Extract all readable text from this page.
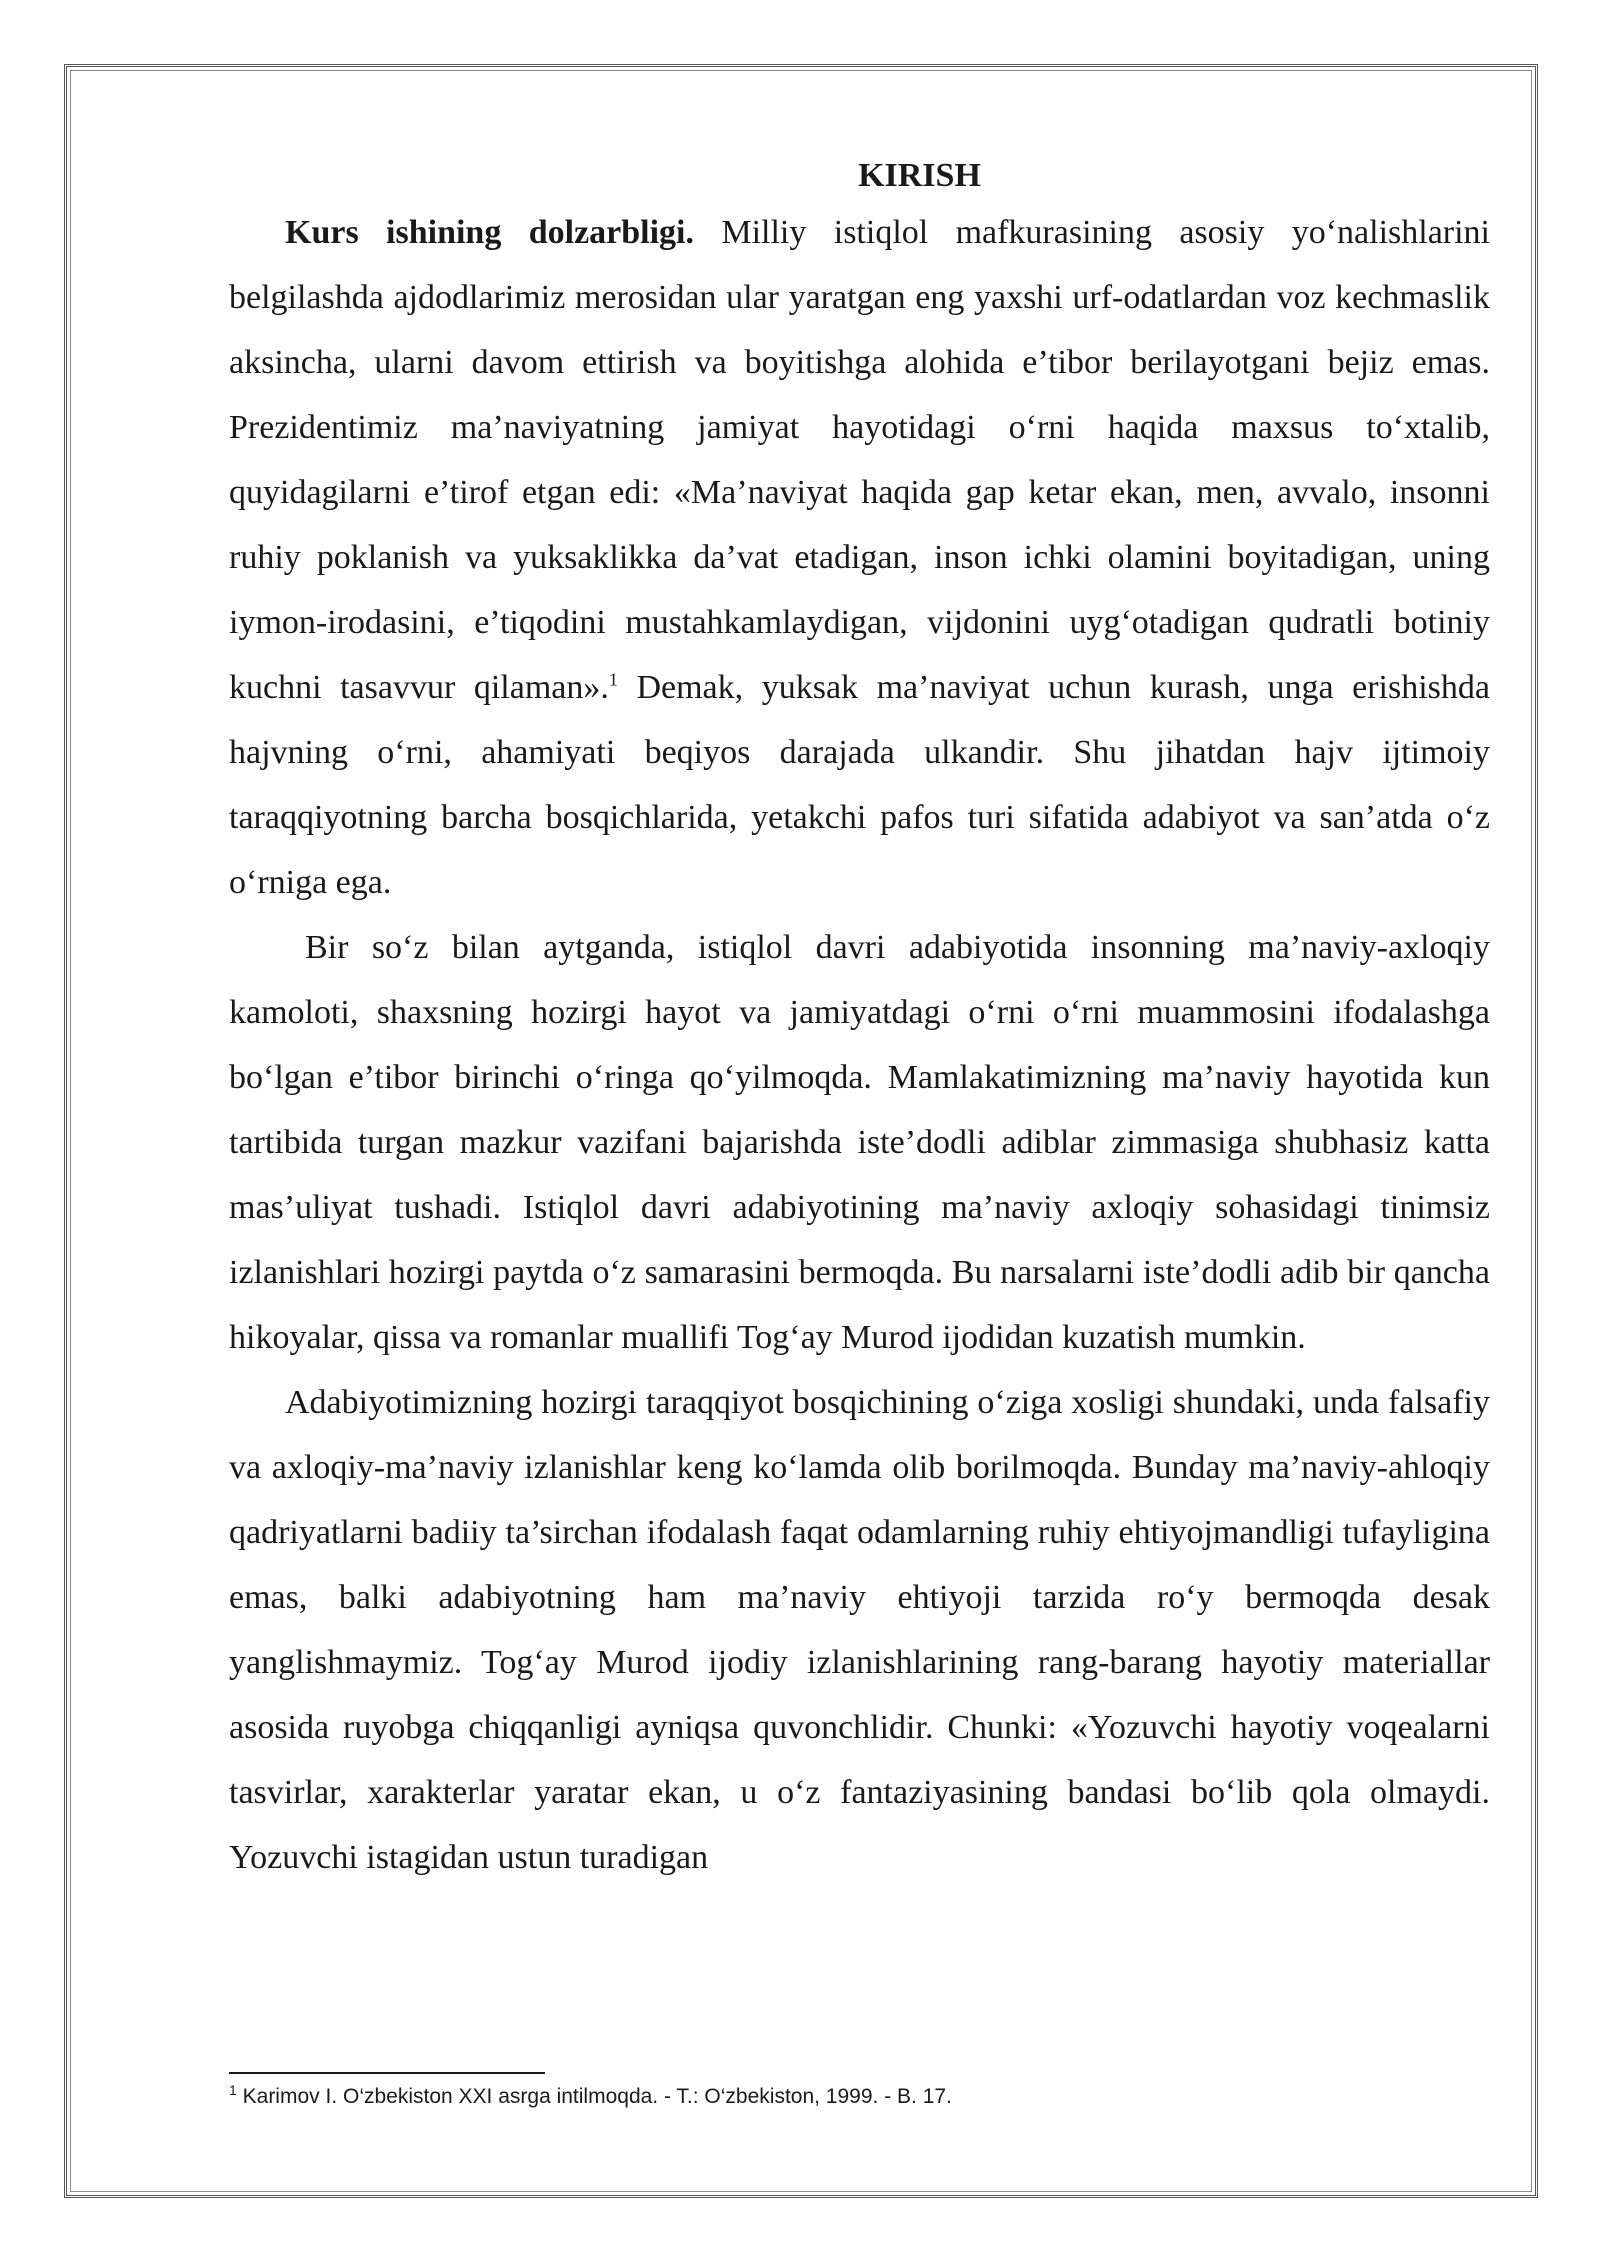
KIRISH

Kurs ishining dolzarbligi. Milliy istiqlol mafkurasining asosiy yo‘nalishlarini belgilashda ajdodlarimiz merosidan ular yaratgan eng yaxshi urf-odatlardan voz kechmaslik aksincha, ularni davom ettirish va boyitishga alohida e’tibor berilayotgani bejiz emas. Prezidentimiz ma’naviyatning jamiyat hayotidagi o‘rni haqida maxsus to‘xtalib, quyidagilarni e’tirof etgan edi: «Ma’naviyat haqida gap ketar ekan, men, avvalo, insonni ruhiy poklanish va yuksaklikka da’vat etadigan, inson ichki olamini boyitadigan, uning iymon-irodasini, e’tiqodini mustahkamlaydigan, vijdonini uyg‘otadigan qudratli botiniy kuchni tasavvur qilaman».$^1$ Demak, yuksak ma’naviyat uchun kurash, unga erishishda hajvning o‘rni, ahamiyati beqiyos darajada ulkandir. Shu jihatdan hajv ijtimoiy taraqqiyotning barcha bosqichlarida, yetakchi pafos turi sifatida adabiyot va san’atda o‘z o‘rniga ega.

Bir so‘z bilan aytganda, istiqlol davri adabiyotida insonning ma’naviy-axloqiy kamoloti, shaxsning hozirgi hayot va jamiyatdagi o‘rni o‘rni muammosini ifodalashga bo‘lgan e’tibor birinchi o‘ringa qo‘yilmoqda. Mamlakatimizning ma’naviy hayotida kun tartibida turgan mazkur vazifani bajarishda iste’dodli adiblar zimmasiga shubhasiz katta mas’uliyat tushadi. Istiqlol davri adabiyotining ma’naviy axloqiy sohasidagi tinimsiz izlanishlari hozirgi paytda o‘z samarasini bermoqda. Bu narsalarni iste’dodli adib bir qancha hikoyalar, qissa va romanlar muallifi Tog‘ay Murod ijodidan kuzatish mumkin.

Adabiyotimizning hozirgi taraqqiyot bosqichining o‘ziga xosligi shundaki, unda falsafiy va axloqiy-ma’naviy izlanishlar keng ko‘lamda olib borilmoqda. Bunday ma’naviy-ahloqiy qadriyatlarni badiiy ta’sirchan ifodalash faqat odamlarning ruhiy ehtiyojmandligi tufayligina emas, balki adabiyotning ham ma’naviy ehtiyoji tarzida ro‘y bermoqda desak yanglishmaymiz. Tog‘ay Murod ijodiy izlanishlarining rang-barang hayotiy materiallar asosida ruyobga chiqqanligi ayniqsa quvonchlidir. Chunki: «Yozuvchi hayotiy voqealarni tasvirlar, xarakterlar yaratar ekan, u o‘z fantaziyasining bandasi bo‘lib qola olmaydi. Yozuvchi istagidan ustun turadigan

$^1$ Karimov I. O‘zbekiston XXI asrga intilmoqda. - T.: O‘zbekiston, 1999. - B. 17.
